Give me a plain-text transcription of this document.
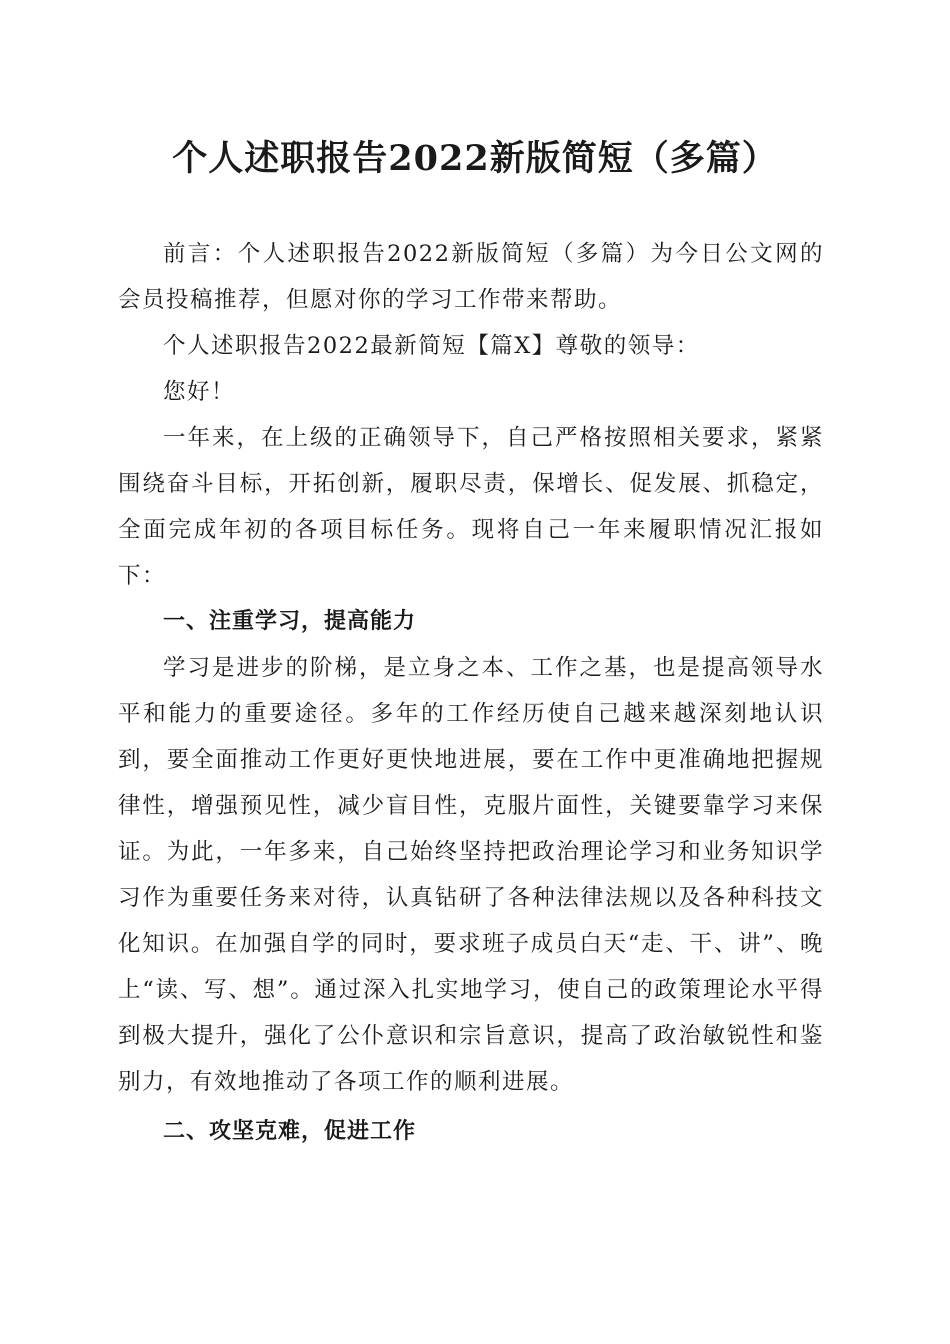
个人述职报告2022新版简短（多篇）

前言：个人述职报告2022新版简短（多篇）为今日公文网的会员投稿推荐，但愿对你的学习工作带来帮助。

个人述职报告2022最新简短【篇X】尊敬的领导：

您好！

一年来，在上级的正确领导下，自己严格按照相关要求，紧紧围绕奋斗目标，开拓创新，履职尽责，保增长、促发展、抓稳定，全面完成年初的各项目标任务。现将自己一年来履职情况汇报如下：

一、注重学习，提高能力

学习是进步的阶梯，是立身之本、工作之基，也是提高领导水平和能力的重要途径。多年的工作经历使自己越来越深刻地认识到，要全面推动工作更好更快地进展，要在工作中更准确地把握规律性，增强预见性，减少盲目性，克服片面性，关键要靠学习来保证。为此，一年多来，自己始终坚持把政治理论学习和业务知识学习作为重要任务来对待，认真钻研了各种法律法规以及各种科技文化知识。在加强自学的同时，要求班子成员白天“走、干、讲”、晚上“读、写、想”。通过深入扎实地学习，使自己的政策理论水平得到极大提升，强化了公仆意识和宗旨意识，提高了政治敏锐性和鉴别力，有效地推动了各项工作的顺利进展。

二、攻坚克难，促进工作
